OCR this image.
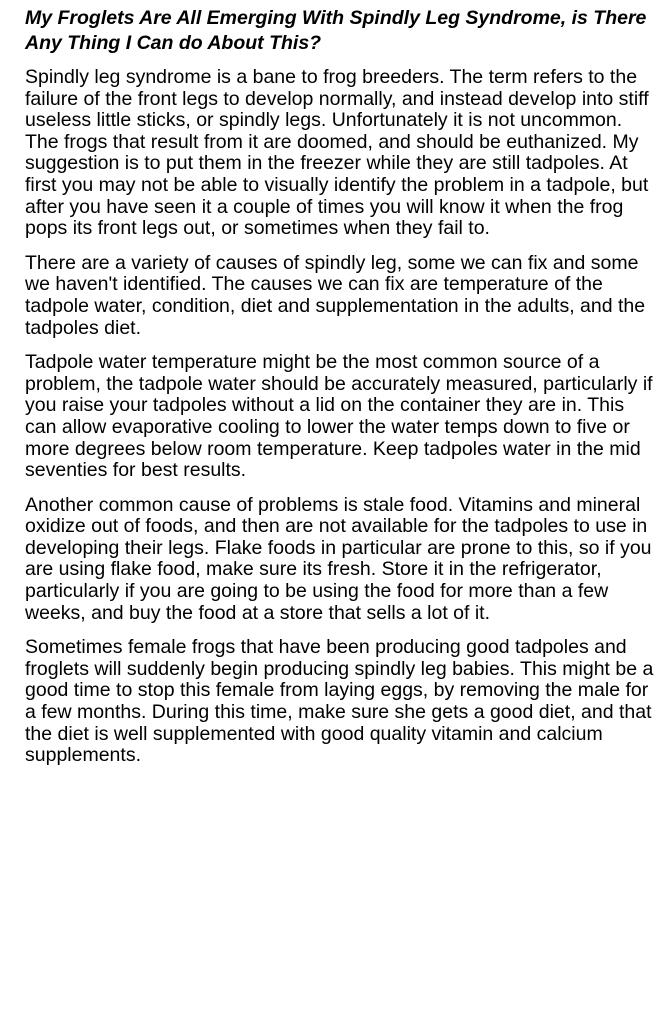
My Froglets Are All Emerging With Spindly Leg Syndrome, is There Any Thing I Can do About This?

Spindly leg syndrome is a bane to frog breeders. The term refers to the failure of the front legs to develop normally, and instead develop into stiff useless little sticks, or spindly legs. Unfortunately it is not uncommon. The frogs that result from it are doomed, and should be euthanized. My suggestion is to put them in the freezer while they are still tadpoles. At first you may not be able to visually identify the problem in a tadpole, but after you have seen it a couple of times you will know it when the frog pops its front legs out, or sometimes when they fail to.

There are a variety of causes of spindly leg, some we can fix and some we haven't identified. The causes we can fix are temperature of the tadpole water, condition, diet and supplementation in the adults, and the tadpoles diet.

Tadpole water temperature might be the most common source of a problem, the tadpole water should be accurately measured, particularly if you raise your tadpoles without a lid on the container they are in. This can allow evaporative cooling to lower the water temps down to five or more degrees below room temperature. Keep tadpoles water in the mid seventies for best results.

Another common cause of problems is stale food. Vitamins and mineral oxidize out of foods, and then are not available for the tadpoles to use in developing their legs. Flake foods in particular are prone to this, so if you are using flake food, make sure its fresh. Store it in the refrigerator, particularly if you are going to be using the food for more than a few weeks, and buy the food at a store that sells a lot of it.

Sometimes female frogs that have been producing good tadpoles and froglets will suddenly begin producing spindly leg babies. This might be a good time to stop this female from laying eggs, by removing the male for a few months. During this time, make sure she gets a good diet, and that the diet is well supplemented with good quality vitamin and calcium supplements.
